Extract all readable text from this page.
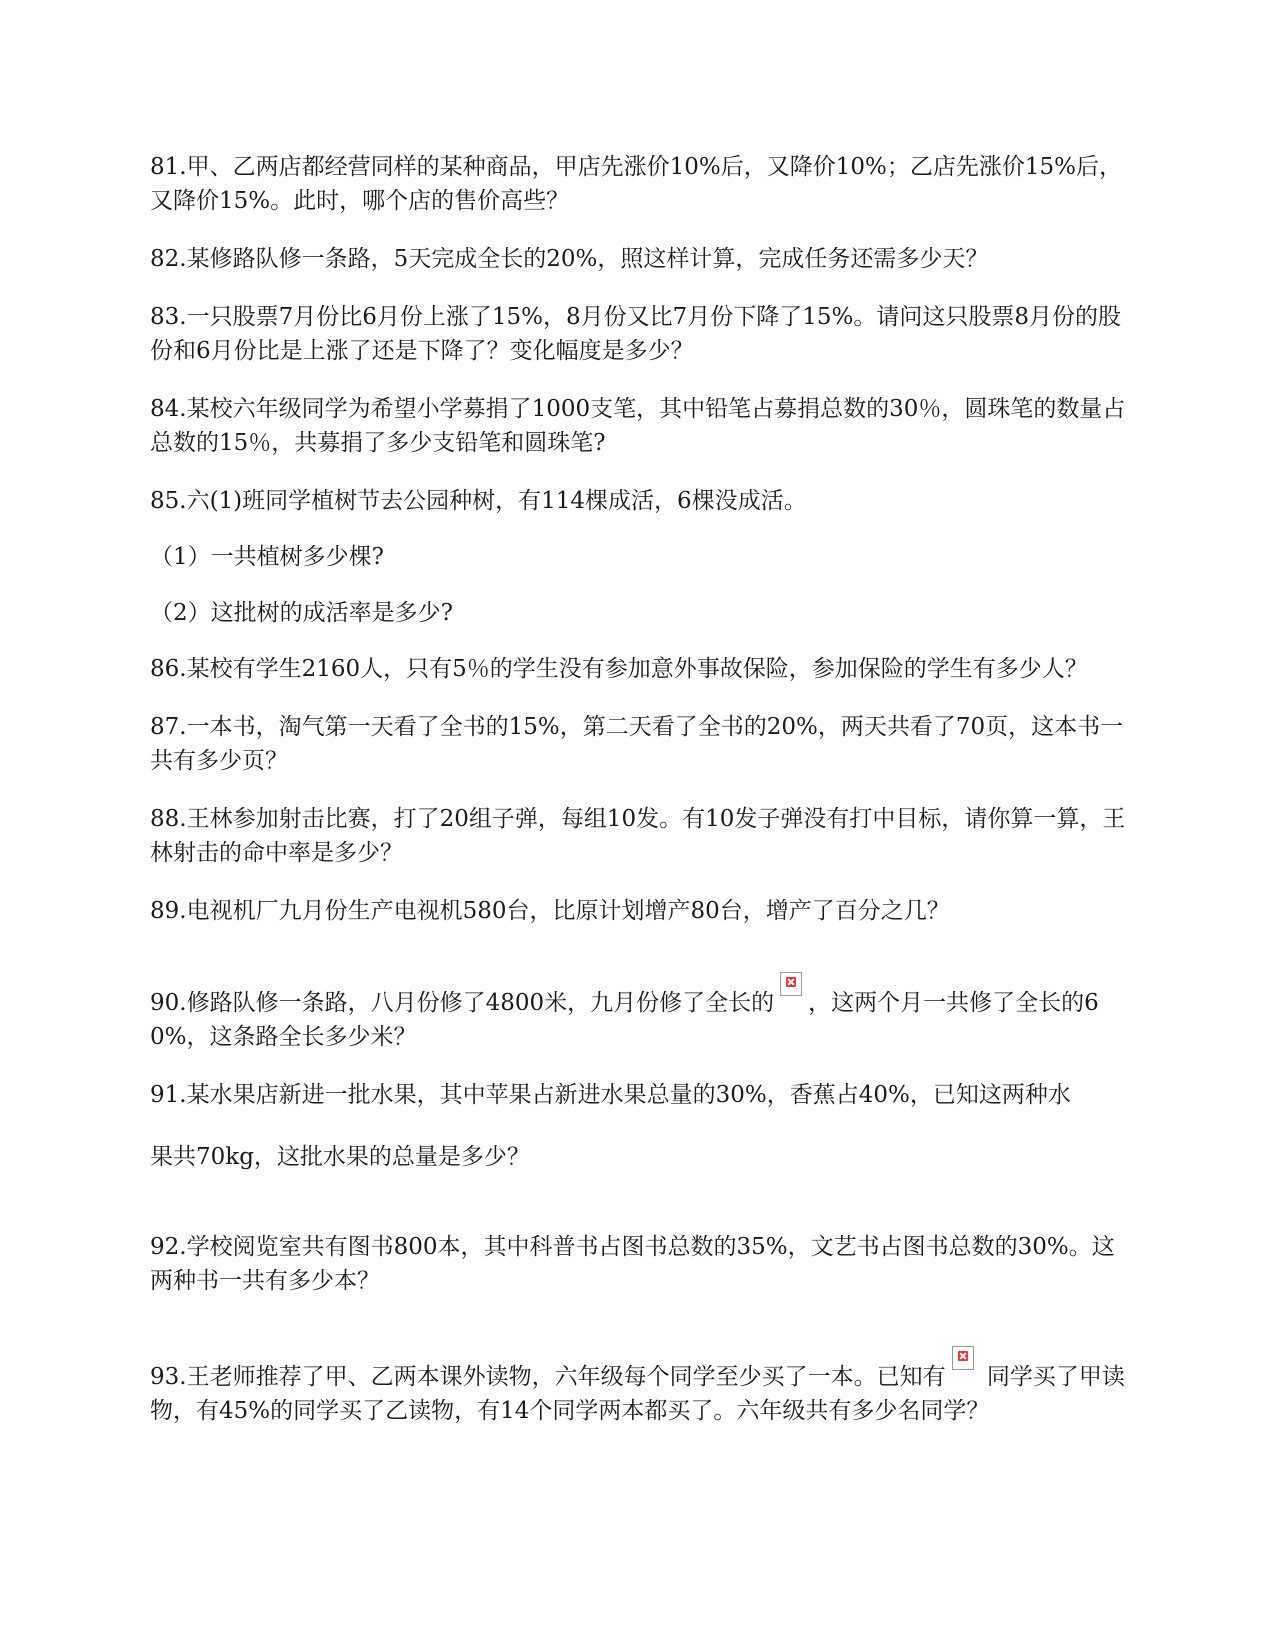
81.甲、乙两店都经营同样的某种商品，甲店先涨价10%后，又降价10%；乙店先涨价15%后，又降价15%。此时，哪个店的售价高些？

82.某修路队修一条路，5天完成全长的20%，照这样计算，完成任务还需多少天？

83.一只股票7月份比6月份上涨了15%，8月份又比7月份下降了15%。请问这只股票8月份的股份和6月份比是上涨了还是下降了？变化幅度是多少？

84.某校六年级同学为希望小学募捐了1000支笔，其中铅笔占募捐总数的30％，圆珠笔的数量占总数的15％，共募捐了多少支铅笔和圆珠笔?

85.六(1)班同学植树节去公园种树，有114棵成活，6棵没成活。

（1）一共植树多少棵?

（2）这批树的成活率是多少?

86.某校有学生2160人，只有5％的学生没有参加意外事故保险，参加保险的学生有多少人？

87.一本书，淘气第一天看了全书的15%，第二天看了全书的20%，两天共看了70页，这本书一共有多少页？

88.王林参加射击比赛，打了20组子弹，每组10发。有10发子弹没有打中目标，请你算一算，王林射击的命中率是多少？

89.电视机厂九月份生产电视机580台，比原计划增产80台，增产了百分之几？

90.修路队修一条路，八月份修了4800米，九月份修了全长的 ，这两个月一共修了全长的60%，这条路全长多少米？

91.某水果店新进一批水果，其中苹果占新进水果总量的30%，香蕉占40%，已知这两种水

果共70kg，这批水果的总量是多少？

92.学校阅览室共有图书800本，其中科普书占图书总数的35%，文艺书占图书总数的30%。这两种书一共有多少本？

93.王老师推荐了甲、乙两本课外读物，六年级每个同学至少买了一本。已知有
同学买了甲读物，有45%的同学买了乙读物，有14个同学两本都买了。六年级共有多少名同学？
